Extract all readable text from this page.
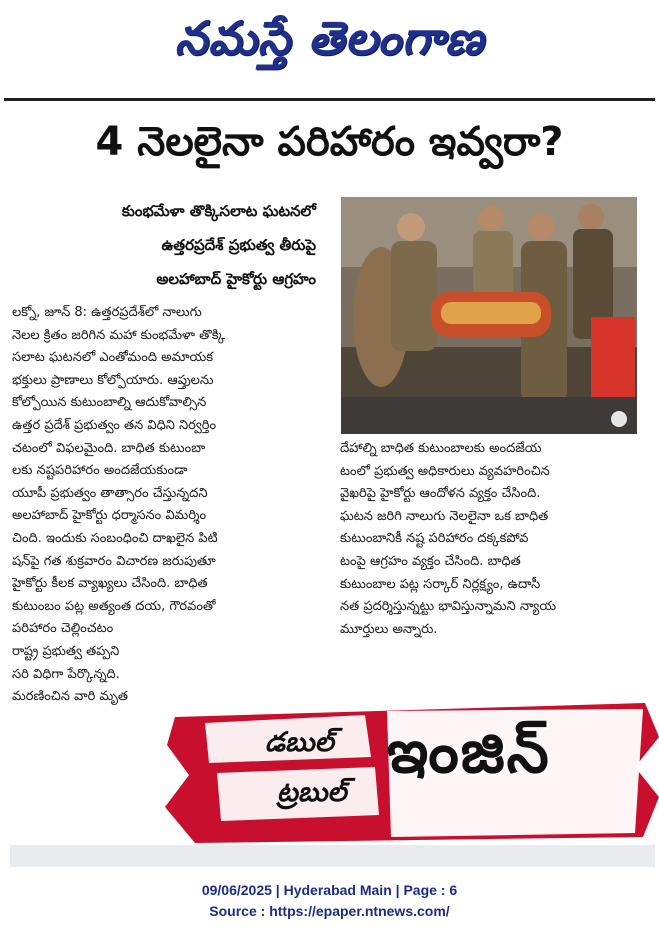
నమస్తే తెలంగాణ
4 నెలలైనా పరిహారం ఇవ్వరా?
కుంభమేళా తొక్కిసలాట ఘటనలో
ఉత్తరప్రదేశ్ ప్రభుత్వ తీరుపై
అలహాబాద్ హైకోర్టు ఆగ్రహం
లక్నో, జూన్ 8: ఉత్తరప్రదేశ్‌లో నాలుగు
నెలల క్రితం జరిగిన మహా కుంభమేళా తొక్కి
సలాట ఘటనలో ఎంతోమంది అమాయక
భక్తులు ప్రాణాలు కోల్పోయారు. ఆప్తులను
కోల్పోయిన కుటుంబాల్ని ఆదుకోవాల్సిన
ఉత్తర ప్రదేశ్ ప్రభుత్వం తన విధిని నిర్వర్తిం
చటంలో విఫలమైంది. బాధిత కుటుంబా
లకు నష్టపరిహారం అందజేయకుండా
యూపీ ప్రభుత్వం తాత్సారం చేస్తున్నదని
అలహాబాద్ హైకోర్టు ధర్మాసనం విమర్శిం
చింది. ఇందుకు సంబంధించి దాఖలైన పిటి
షన్‌పై గత శుక్రవారం విచారణ జరుపుతూ
హైకోర్టు కీలక వ్యాఖ్యలు చేసింది. బాధిత
కుటుంబం పట్ల అత్యంత దయ, గౌరవంతో
పరిహారం చెల్లించటం
రాష్ట్ర ప్రభుత్వ తప్పని
సరి విధిగా పేర్కొన్నది.
మరణించిన వారి మృత
దేహాల్ని బాధిత కుటుంబాలకు అందజేయ
టంలో ప్రభుత్వ అధికారులు వ్యవహరించిన
వైఖరిపై హైకోర్టు ఆందోళన వ్యక్తం చేసింది.
ఘటన జరిగి నాలుగు నెలలైనా ఒక బాధిత
కుటుంబానికీ నష్ట పరిహారం దక్కకపోవ
టంపై ఆగ్రహం వ్యక్తం చేసింది. బాధిత
కుటుంబాల పట్ల సర్కార్ నిర్లక్ష్యం, ఉదాసీ
నత ప్రదర్శిస్తున్నట్టు భావిస్తున్నామని న్యాయ
మూర్తులు అన్నారు.
డబుల్
ట్రబుల్
ఇంజిన్
09/06/2025 | Hyderabad Main | Page : 6
Source : https://epaper.ntnews.com/
